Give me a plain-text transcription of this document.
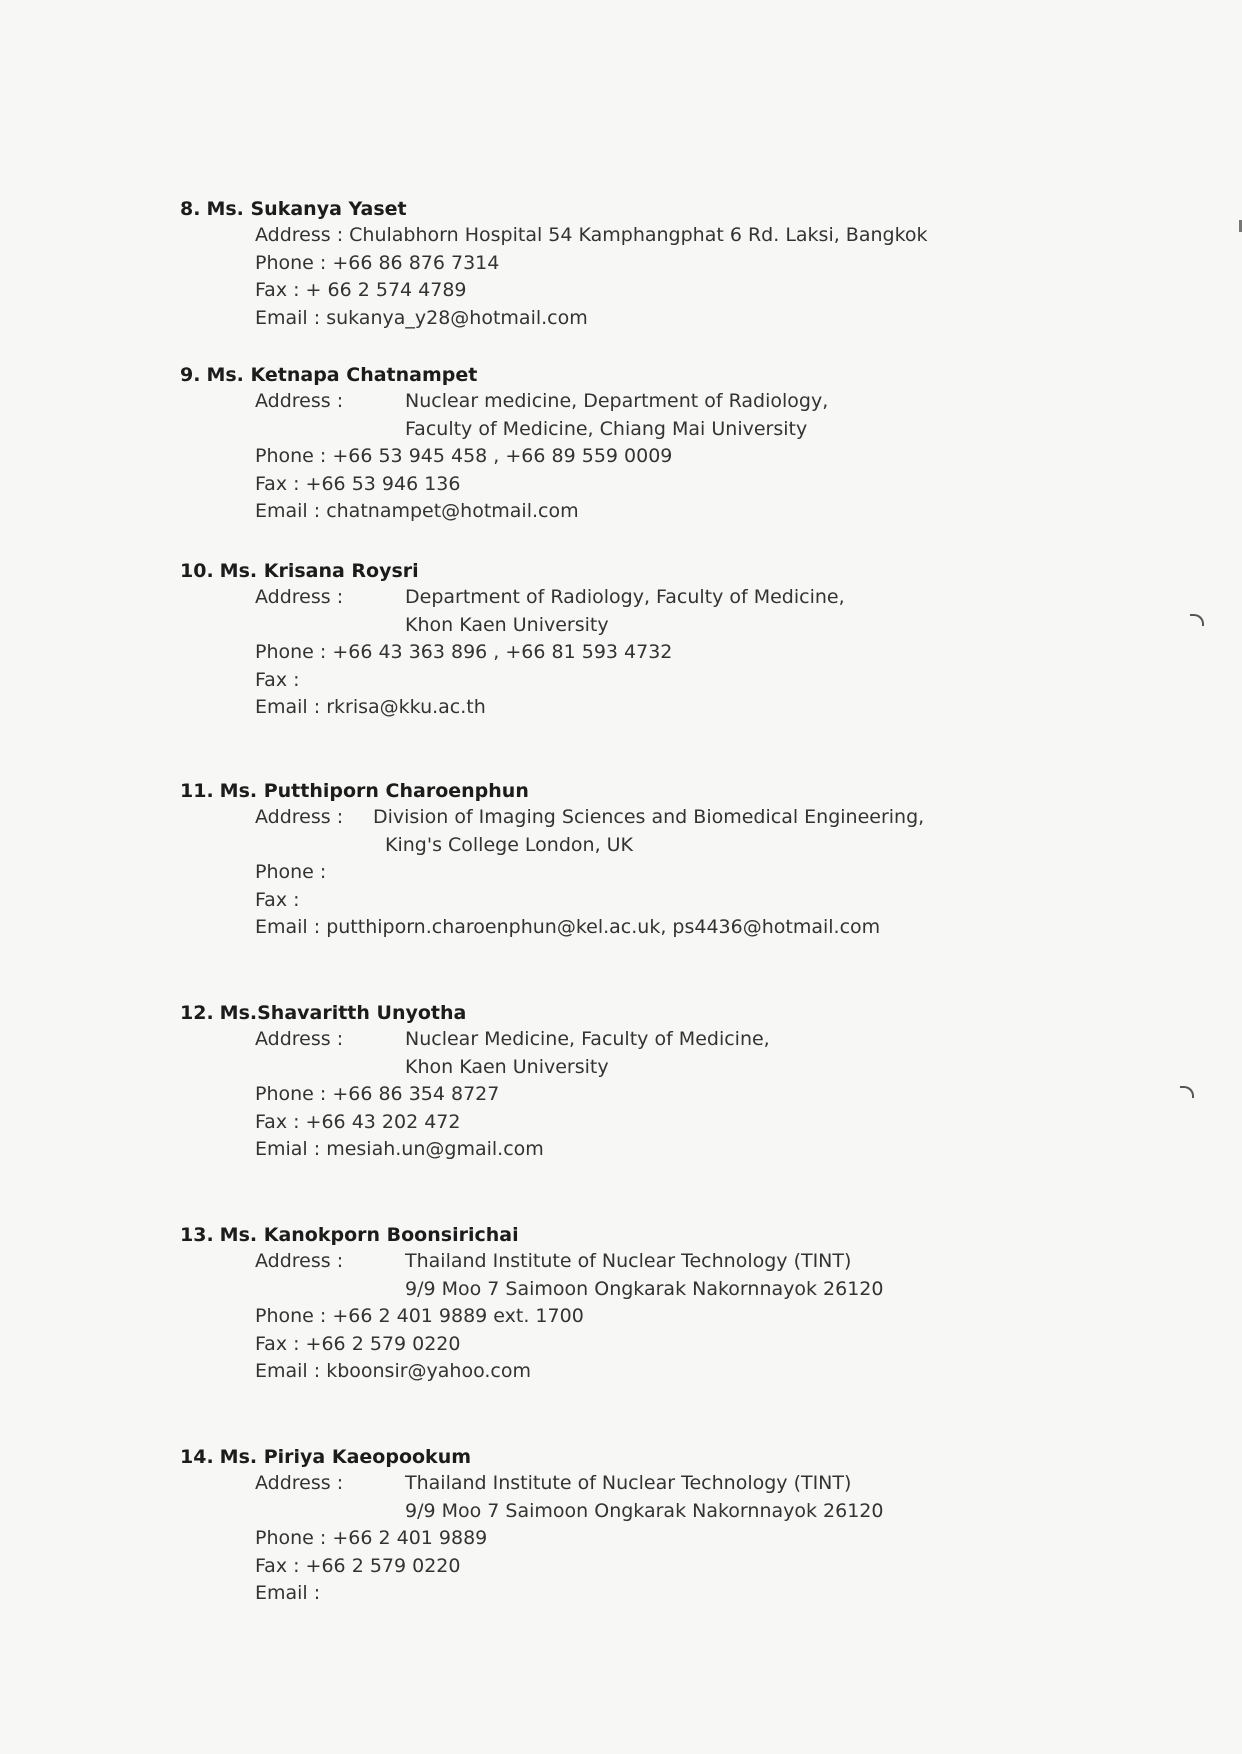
8. Ms. Sukanya Yaset
Address : Chulabhorn Hospital 54 Kamphangphat 6 Rd. Laksi, Bangkok
Phone : +66 86 876 7314
Fax : + 66 2 574 4789
Email : sukanya_y28@hotmail.com
9. Ms. Ketnapa Chatnampet
Address :	Nuclear medicine, Department of Radiology,
Faculty of Medicine, Chiang Mai University
Phone : +66 53 945 458 , +66 89 559 0009
Fax : +66 53 946 136
Email : chatnampet@hotmail.com
10. Ms. Krisana Roysri
Address :	Department of Radiology, Faculty of Medicine,
Khon Kaen University
Phone : +66 43 363 896 , +66 81 593 4732
Fax :
Email : rkrisa@kku.ac.th
11. Ms. Putthiporn Charoenphun
Address :	Division of Imaging Sciences and Biomedical Engineering,
King's College London, UK
Phone :
Fax :
Email : putthiporn.charoenphun@kel.ac.uk, ps4436@hotmail.com
12. Ms.Shavaritth Unyotha
Address :	Nuclear Medicine, Faculty of Medicine,
Khon Kaen University
Phone : +66 86 354 8727
Fax : +66 43 202 472
Emial : mesiah.un@gmail.com
13. Ms. Kanokporn Boonsirichai
Address :	Thailand Institute of Nuclear Technology (TINT)
9/9 Moo 7 Saimoon Ongkarak Nakornnayok 26120
Phone : +66 2 401 9889 ext. 1700
Fax : +66 2 579 0220
Email : kboonsir@yahoo.com
14. Ms. Piriya Kaeopookum
Address :	Thailand Institute of Nuclear Technology (TINT)
9/9 Moo 7 Saimoon Ongkarak Nakornnayok 26120
Phone : +66 2 401 9889
Fax : +66 2 579 0220
Email :
